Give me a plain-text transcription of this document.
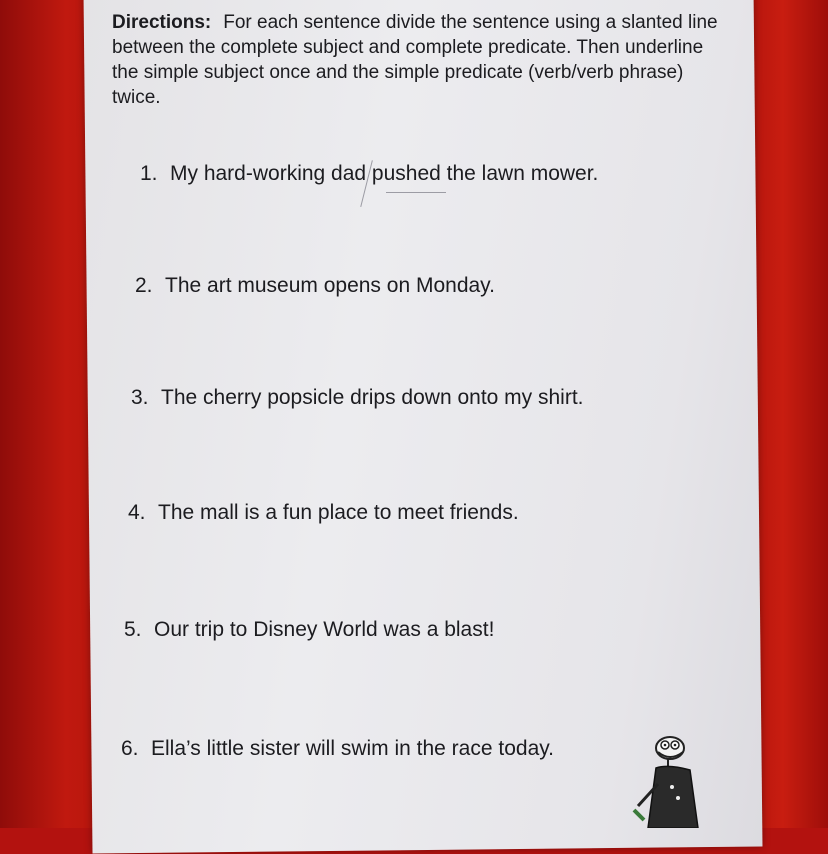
Directions: For each sentence divide the sentence using a slanted line between the complete subject and complete predicate. Then underline the simple subject once and the simple predicate (verb/verb phrase) twice.
1. My hard-working dad pushed the lawn mower.
2. The art museum opens on Monday.
3. The cherry popsicle drips down onto my shirt.
4. The mall is a fun place to meet friends.
5. Our trip to Disney World was a blast!
6. Ella’s little sister will swim in the race today.
